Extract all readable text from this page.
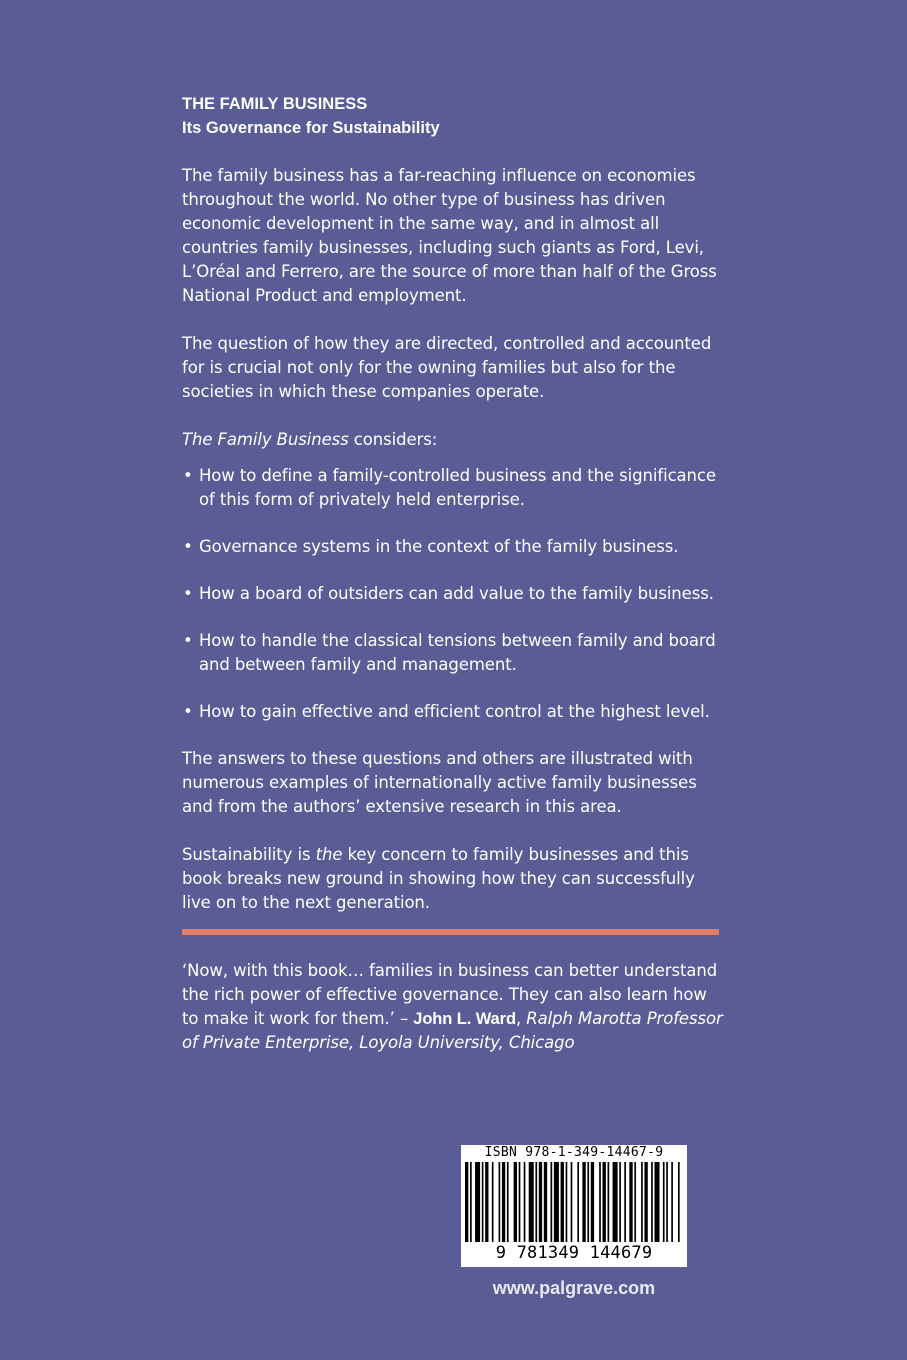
THE FAMILY BUSINESS
Its Governance for Sustainability

The family business has a far-reaching influence on economies throughout the world. No other type of business has driven economic development in the same way, and in almost all countries family businesses, including such giants as Ford, Levi, L’Oréal and Ferrero, are the source of more than half of the Gross National Product and employment.

The question of how they are directed, controlled and accounted for is crucial not only for the owning families but also for the societies in which these companies operate.

The Family Business considers:

• How to define a family-controlled business and the significance of this form of privately held enterprise.
• Governance systems in the context of the family business.
• How a board of outsiders can add value to the family business.
• How to handle the classical tensions between family and board and between family and management.
• How to gain effective and efficient control at the highest level.

The answers to these questions and others are illustrated with numerous examples of internationally active family businesses and from the authors’ extensive research in this area.

Sustainability is the key concern to family businesses and this book breaks new ground in showing how they can successfully live on to the next generation.

‘Now, with this book… families in business can better understand the rich power of effective governance. They can also learn how to make it work for them.’ – John L. Ward, Ralph Marotta Professor of Private Enterprise, Loyola University, Chicago
ISBN 978-1-349-14467-9
9 781349 144679
www.palgrave.com
